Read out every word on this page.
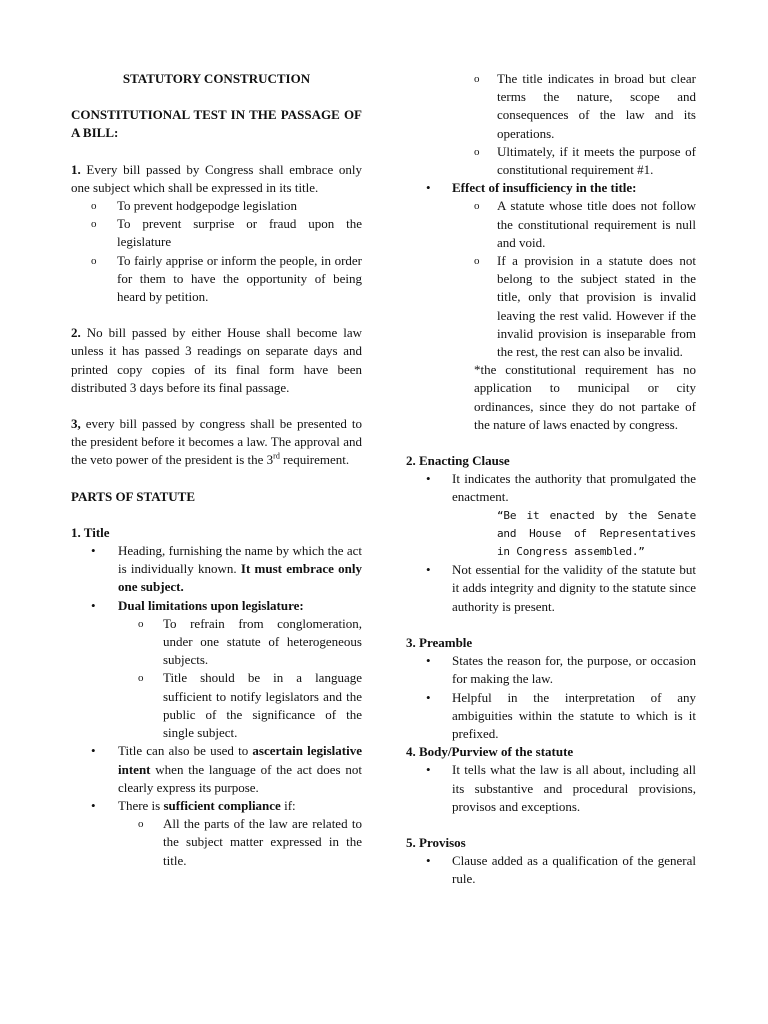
STATUTORY CONSTRUCTION

CONSTITUTIONAL TEST IN THE PASSAGE OF A BILL:

1. Every bill passed by Congress shall embrace only one subject which shall be expressed in its title.

o To prevent hodgepodge legislation
o To prevent surprise or fraud upon the legislature
o To fairly apprise or inform the people, in order for them to have the opportunity of being heard by petition.

2. No bill passed by either House shall become law unless it has passed 3 readings on separate days and printed copy copies of its final form have been distributed 3 days before its final passage.

3, every bill passed by congress shall be presented to the president before it becomes a law. The approval and the veto power of the president is the 3rd requirement.

PARTS OF STATUTE

1. Title

• Heading, furnishing the name by which the act is individually known. It must embrace only one subject.
• Dual limitations upon legislature:
o To refrain from conglomeration, under one statute of heterogeneous subjects.
o Title should be in a language sufficient to notify legislators and the public of the significance of the single subject.
• Title can also be used to ascertain legislative intent when the language of the act does not clearly express its purpose.
• There is sufficient compliance if:
o All the parts of the law are related to the subject matter expressed in the title.
o The title indicates in broad but clear terms the nature, scope and consequences of the law and its operations.
o Ultimately, if it meets the purpose of constitutional requirement #1.
• Effect of insufficiency in the title:
o A statute whose title does not follow the constitutional requirement is null and void.
o If a provision in a statute does not belong to the subject stated in the title, only that provision is invalid leaving the rest valid. However if the invalid provision is inseparable from the rest, the rest can also be invalid.

*the constitutional requirement has no application to municipal or city ordinances, since they do not partake of the nature of laws enacted by congress.

2. Enacting Clause

• It indicates the authority that promulgated the enactment.

“Be it enacted by the Senate and House of Representatives in Congress assembled.”

• Not essential for the validity of the statute but it adds integrity and dignity to the statute since authority is present.

3. Preamble

• States the reason for, the purpose, or occasion for making the law.
• Helpful in the interpretation of any ambiguities within the statute to which is it prefixed.

4. Body/Purview of the statute

• It tells what the law is all about, including all its substantive and procedural provisions, provisos and exceptions.

5. Provisos

• Clause added as a qualification of the general rule.
